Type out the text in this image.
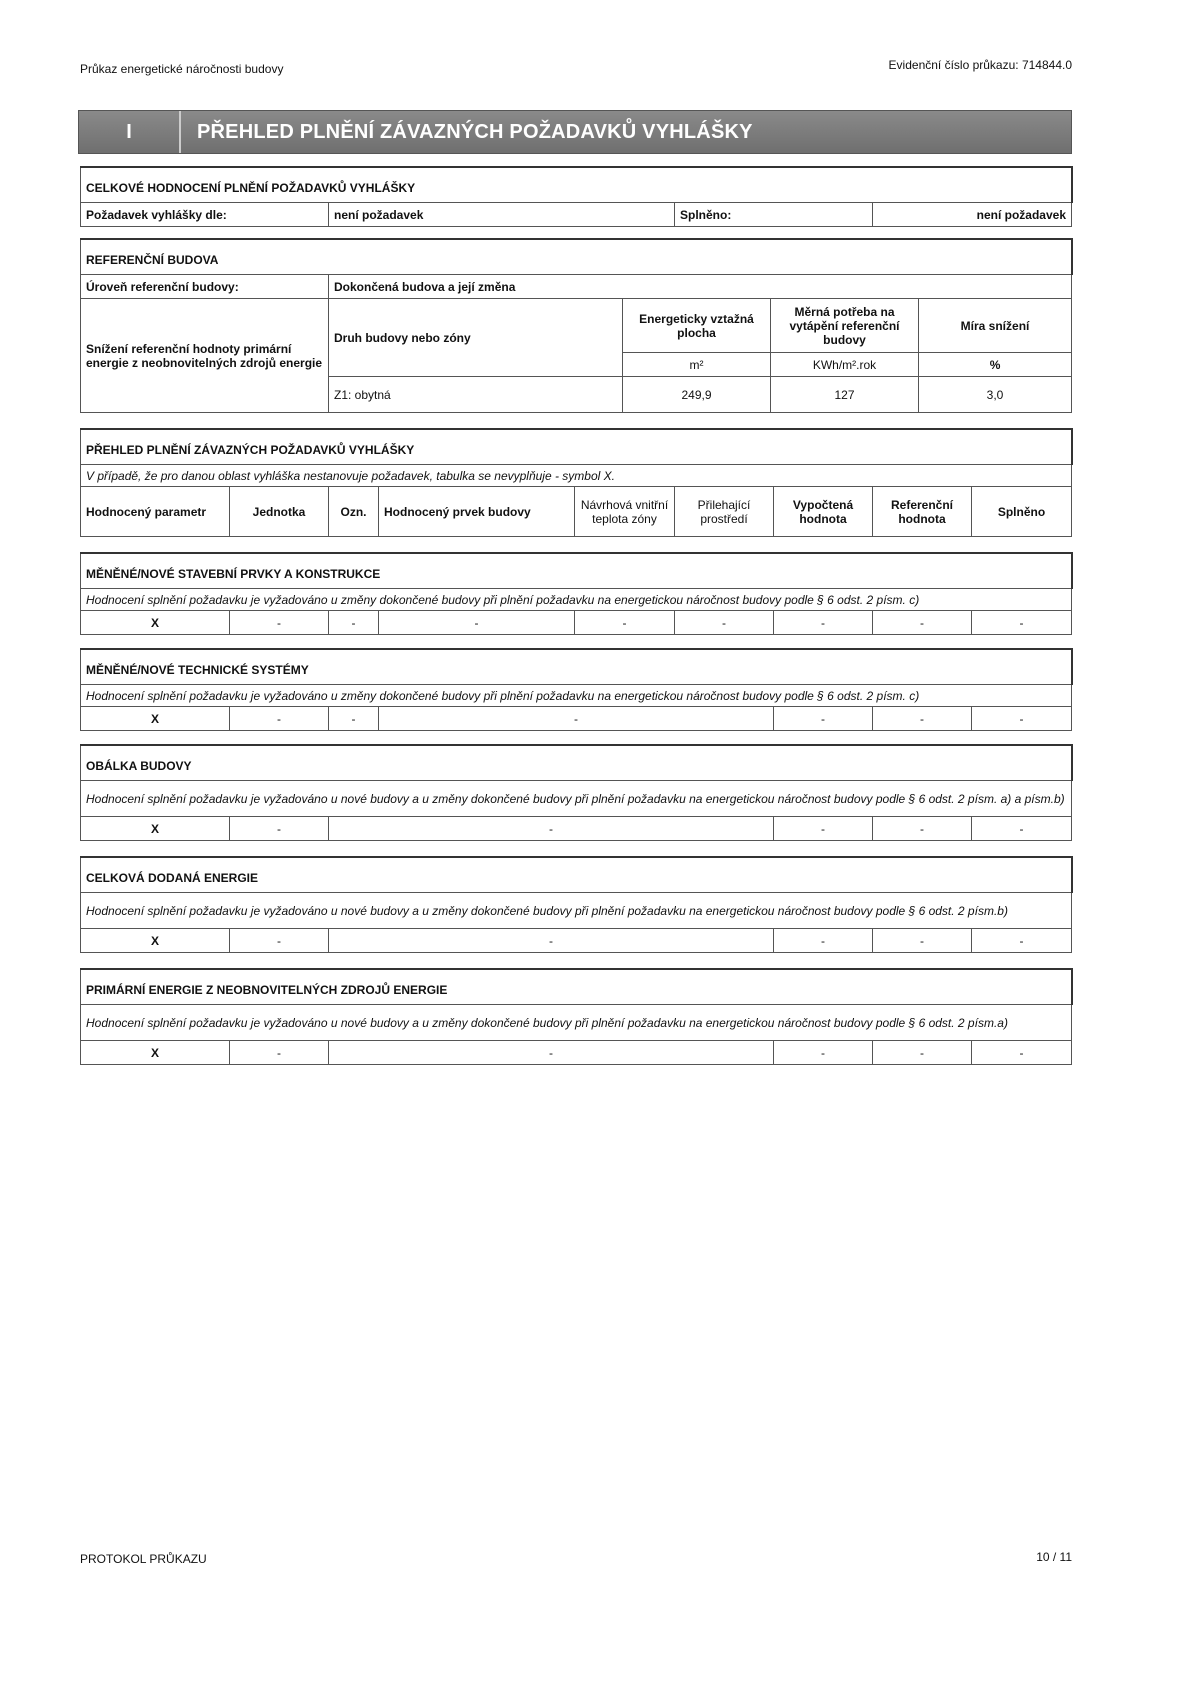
Průkaz energetické náročnosti budovy	Evidenční číslo průkazu: 714844.0
I	PŘEHLED PLNĚNÍ ZÁVAZNÝCH POŽADAVKŮ VYHLÁŠKY
CELKOVÉ HODNOCENÍ PLNĚNÍ POŽADAVKŮ VYHLÁŠKY
Požadavek vyhlášky dle:	není požadavek	Splněno:	není požadavek
REFERENČNÍ BUDOVA				
Úroveň referenční budovy:	Dokončená budova a její změna			
Snížení referenční hodnoty primární energie z neobnovitelných zdrojů energie	Druh budovy nebo zóny	Energeticky vztažná plocha	Měrná potřeba na vytápění referenční budovy	Míra snížení
		m²	KWh/m².rok	%
	Z1: obytná	249,9	127	3,0
PŘEHLED PLNĚNÍ ZÁVAZNÝCH POŽADAVKŮ VYHLÁŠKY
V případě, že pro danou oblast vyhláška nestanovuje požadavek, tabulka se nevyplňuje - symbol X.
Hodnocený parametr	Jednotka	Ozn.	Hodnocený prvek budovy	Návrhová vnitřní teplota zóny	Přilehající prostředí	Vypočtená hodnota	Referenční hodnota	Splněno
MĚNĚNÉ/NOVÉ STAVEBNÍ PRVKY A KONSTRUKCE
Hodnocení splnění požadavku je vyžadováno u změny dokončené budovy při plnění požadavku na energetickou náročnost budovy podle § 6 odst. 2 písm. c)
X	-	-	-	-	-	-	-	-
MĚNĚNÉ/NOVÉ TECHNICKÉ SYSTÉMY
Hodnocení splnění požadavku je vyžadováno u změny dokončené budovy při plnění požadavku na energetickou náročnost budovy podle § 6 odst. 2 písm. c)
X	-	-	-	-	-	-
OBÁLKA BUDOVY
Hodnocení splnění požadavku je vyžadováno u nové budovy a u změny dokončené budovy při plnění požadavku na energetickou náročnost budovy podle § 6 odst. 2 písm. a) a písm.b)
X	-	-	-	-	-
CELKOVÁ DODANÁ ENERGIE
Hodnocení splnění požadavku je vyžadováno u nové budovy a u změny dokončené budovy při plnění požadavku na energetickou náročnost budovy podle § 6 odst. 2 písm.b)
X	-	-	-	-	-
PRIMÁRNÍ ENERGIE Z NEOBNOVITELNÝCH ZDROJŮ ENERGIE
Hodnocení splnění požadavku je vyžadováno u nové budovy a u změny dokončené budovy při plnění požadavku na energetickou náročnost budovy podle § 6 odst. 2 písm.a)
X	-	-	-	-	-
PROTOKOL PRŮKAZU	10 / 11
